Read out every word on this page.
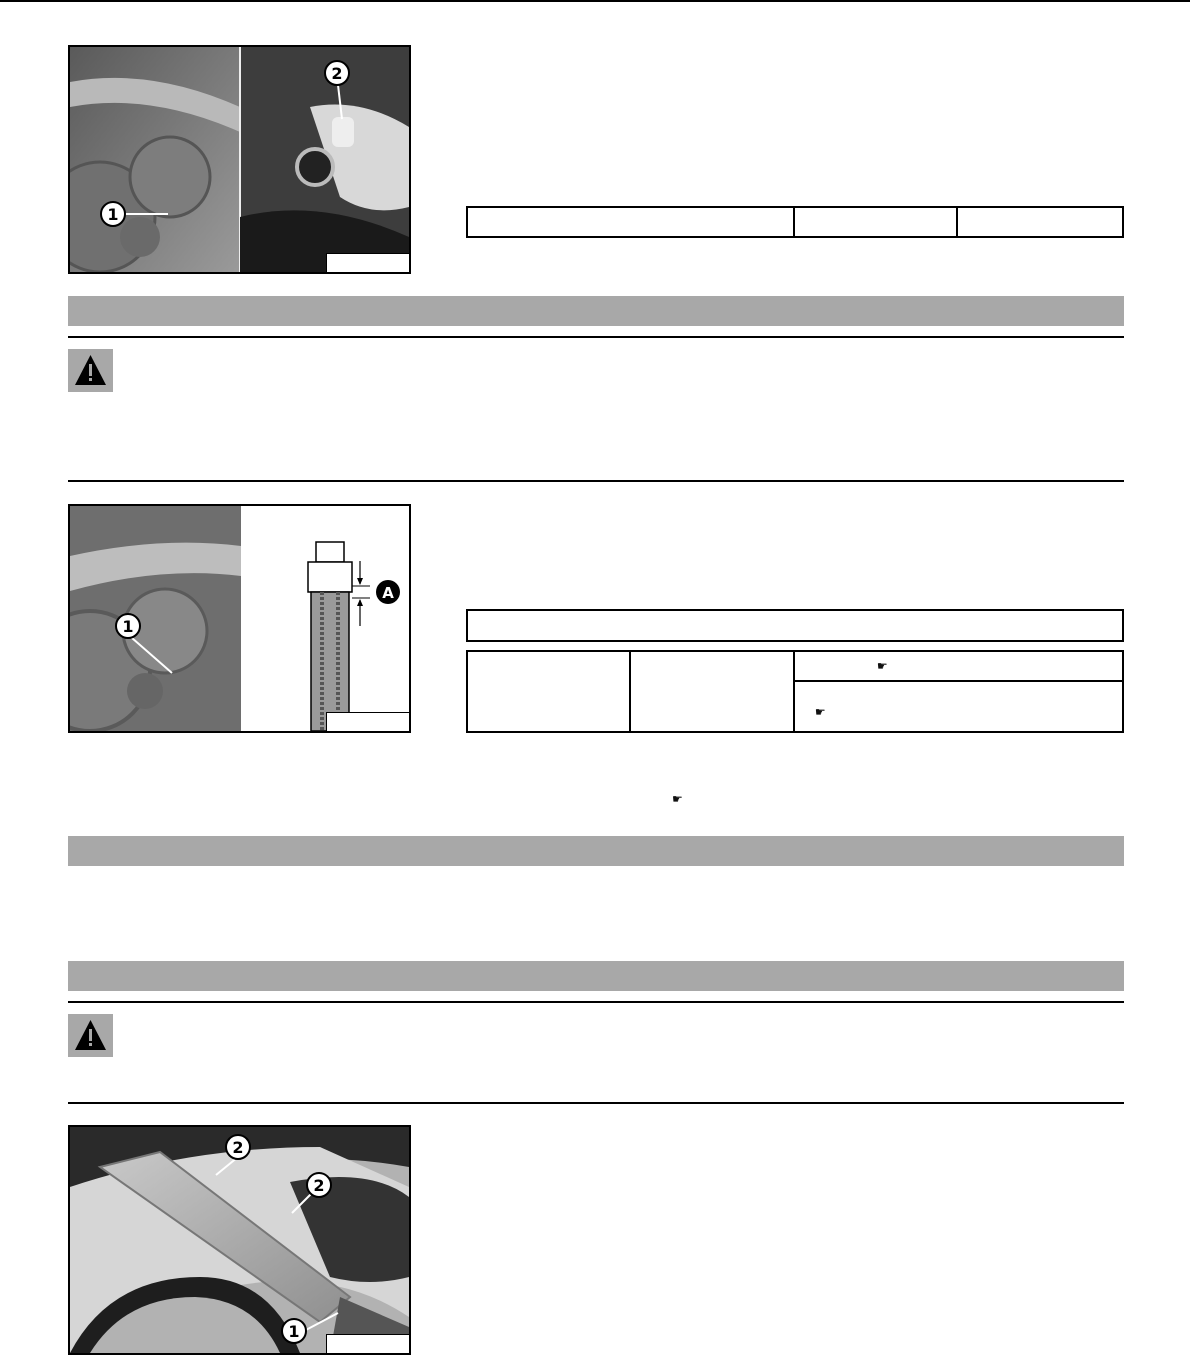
1
2

A
1
		☛
☛
☛
2
2
1
